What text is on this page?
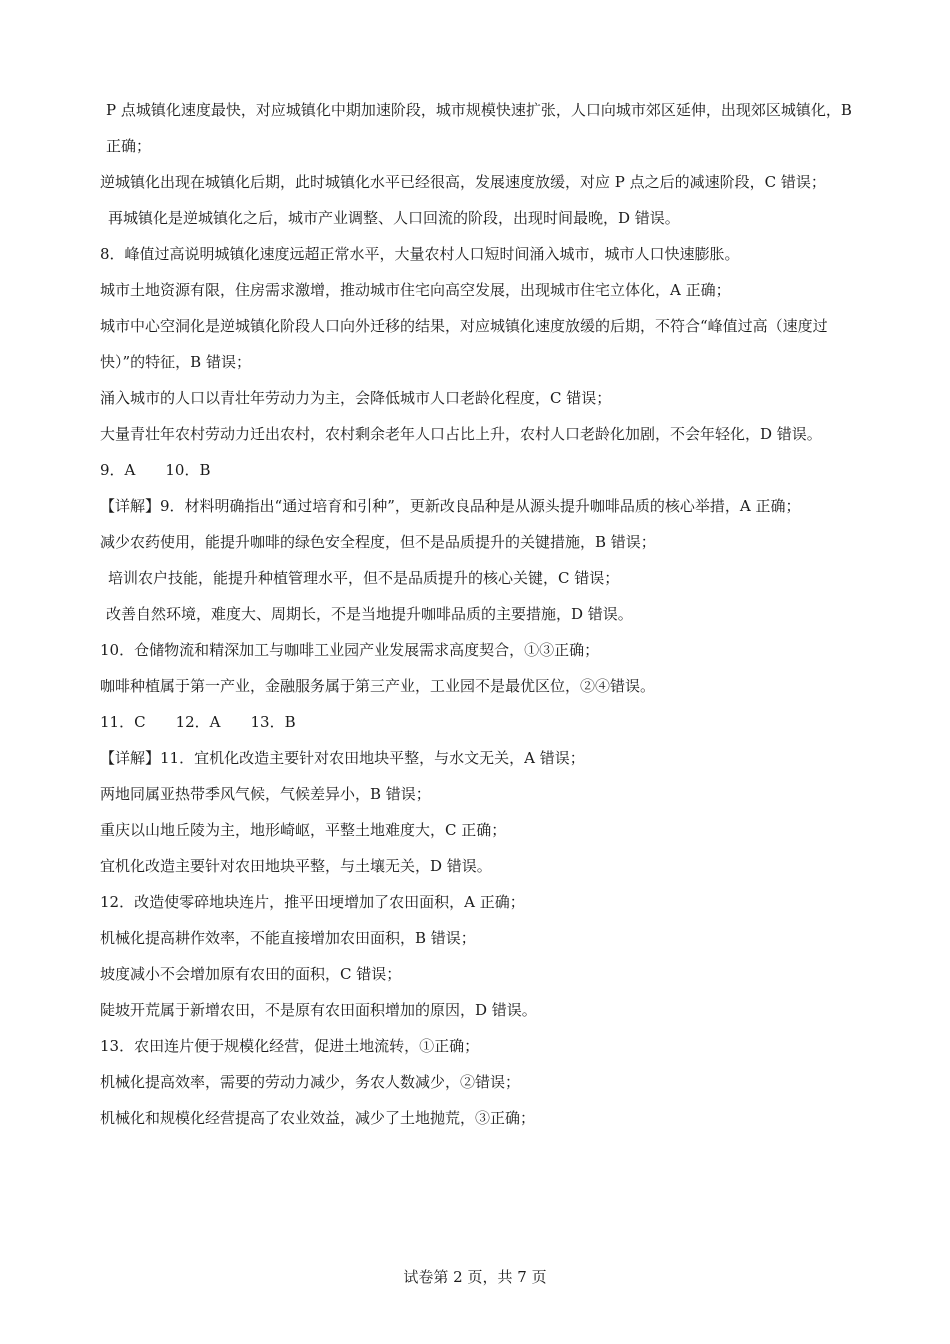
P 点城镇化速度最快，对应城镇化中期加速阶段，城市规模快速扩张，人口向城市郊区延伸，出现郊区城镇化，B 正确；

逆城镇化出现在城镇化后期，此时城镇化水平已经很高，发展速度放缓，对应 P 点之后的减速阶段，C 错误；

再城镇化是逆城镇化之后，城市产业调整、人口回流的阶段，出现时间最晚，D 错误。

8．峰值过高说明城镇化速度远超正常水平，大量农村人口短时间涌入城市，城市人口快速膨胀。

城市土地资源有限，住房需求激增，推动城市住宅向高空发展，出现城市住宅立体化，A 正确；

城市中心空洞化是逆城镇化阶段人口向外迁移的结果，对应城镇化速度放缓的后期，不符合“峰值过高（速度过快）”的特征，B 错误；

涌入城市的人口以青壮年劳动力为主，会降低城市人口老龄化程度，C 错误；

大量青壮年农村劳动力迁出农村，农村剩余老年人口占比上升，农村人口老龄化加剧，不会年轻化，D 错误。

9．A　　10．B

【详解】9．材料明确指出“通过培育和引种”，更新改良品种是从源头提升咖啡品质的核心举措，A 正确；

减少农药使用，能提升咖啡的绿色安全程度，但不是品质提升的关键措施，B 错误；

培训农户技能，能提升种植管理水平，但不是品质提升的核心关键，C 错误；

改善自然环境，难度大、周期长，不是当地提升咖啡品质的主要措施，D 错误。

10．仓储物流和精深加工与咖啡工业园产业发展需求高度契合，①③正确；

咖啡种植属于第一产业，金融服务属于第三产业，工业园不是最优区位，②④错误。

11．C　　12．A　　13．B

【详解】11．宜机化改造主要针对农田地块平整，与水文无关，A 错误；

两地同属亚热带季风气候，气候差异小，B 错误；

重庆以山地丘陵为主，地形崎岖，平整土地难度大，C 正确；

宜机化改造主要针对农田地块平整，与土壤无关，D 错误。

12．改造使零碎地块连片，推平田埂增加了农田面积，A 正确；

机械化提高耕作效率，不能直接增加农田面积，B 错误；

坡度减小不会增加原有农田的面积，C 错误；

陡坡开荒属于新增农田，不是原有农田面积增加的原因，D 错误。

13．农田连片便于规模化经营，促进土地流转，①正确；

机械化提高效率，需要的劳动力减少，务农人数减少，②错误；

机械化和规模化经营提高了农业效益，减少了土地抛荒，③正确；

试卷第 2 页，共 7 页
